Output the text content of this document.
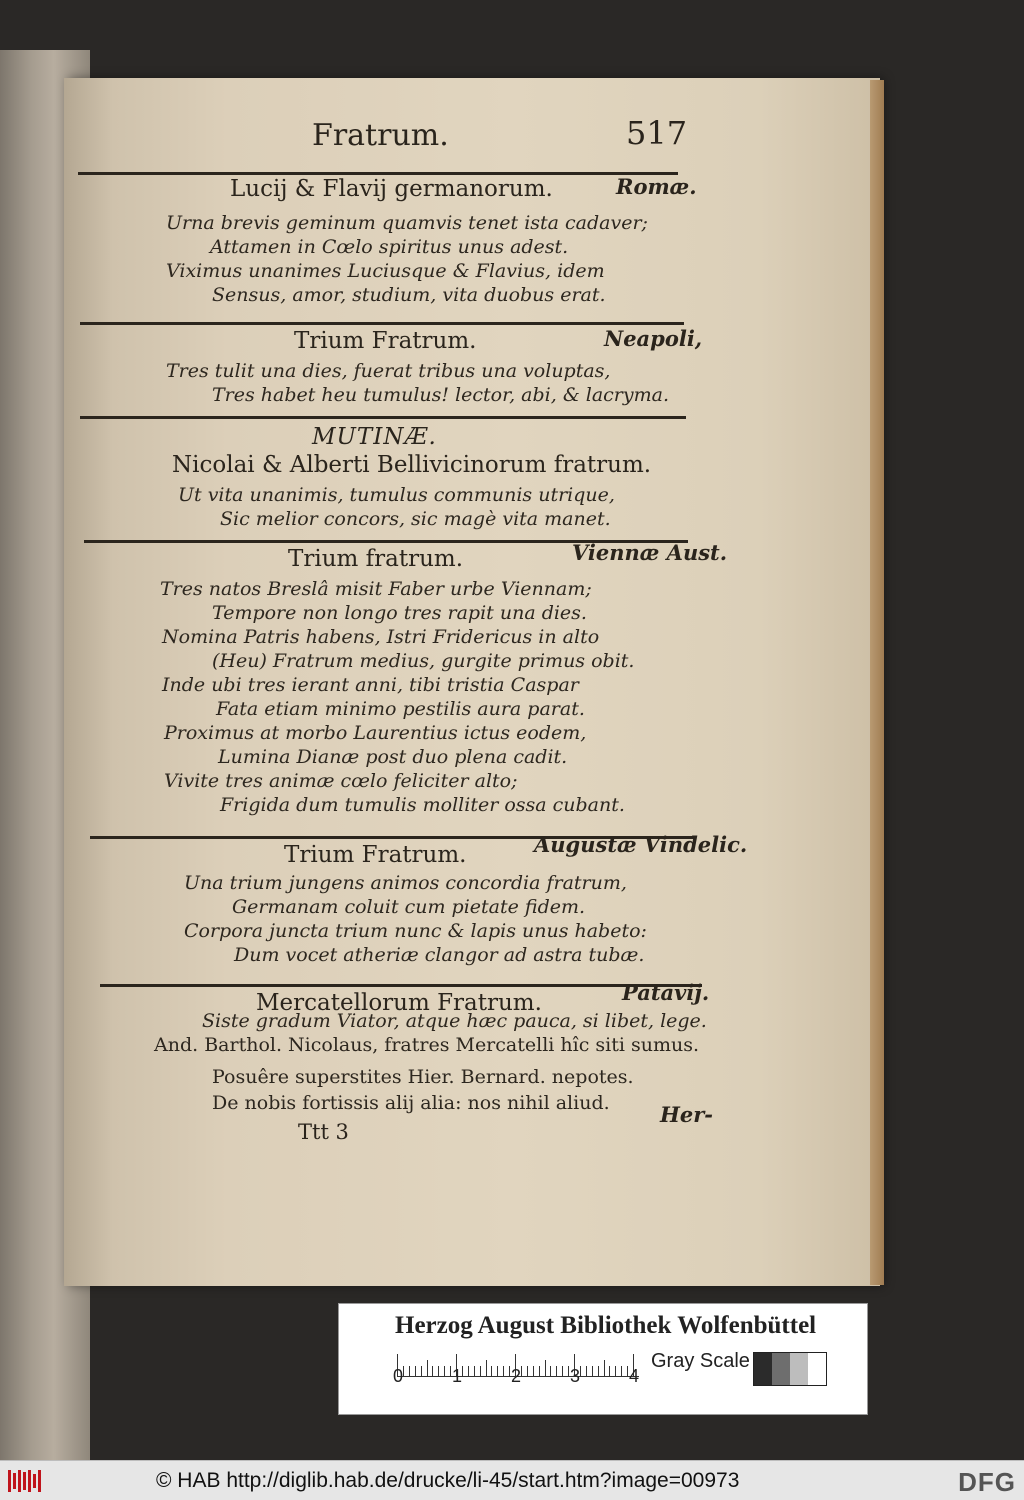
Fratrum.	517
Lucij & Flavij germanorum.	Romæ.
Urna brevis geminum quamvis tenet ista cadaver;
Attamen in Cœlo spiritus unus adest.
Viximus unanimes Luciusque & Flavius, idem
Sensus, amor, studium, vita duobus erat.
Trium Fratrum.	Neapoli,
Tres tulit una dies, fuerat tribus una voluptas,
Tres habet heu tumulus! lector, abi, & lacryma.
MUTINÆ.
Nicolai & Alberti Bellivicinorum fratrum.
Ut vita unanimis, tumulus communis utrique,
Sic melior concors, sic magè vita manet.
Trium fratrum.	Viennæ Aust.
Tres natos Breslâ misit Faber urbe Viennam;
Tempore non longo tres rapit una dies.
Nomina Patris habens, Istri Fridericus in alto
(Heu) Fratrum medius, gurgite primus obit.
Inde ubi tres ierant anni, tibi tristia Caspar
Fata etiam minimo pestilis aura parat.
Proximus at morbo Laurentius ictus eodem,
Lumina Dianæ post duo plena cadit.
Vivite tres animæ cœlo feliciter alto;
Frigida dum tumulis molliter ossa cubant.
Trium Fratrum.	Augustæ Vindelic.
Una trium jungens animos concordia fratrum,
Germanam coluit cum pietate fidem.
Corpora juncta trium nunc & lapis unus habeto:
Dum vocet atheriæ clangor ad astra tubæ.
Mercatellorum Fratrum.	Patavij.
Siste gradum Viator, atque hæc pauca, si libet, lege.
And. Barthol. Nicolaus, fratres Mercatelli hîc siti sumus.
Posuêre superstites Hier. Bernard. nepotes.
De nobis fortissis alij alia: nos nihil aliud.
Ttt 3
Her-
Herzog August Bibliothek Wolfenbüttel
0	1	2	3	4
Gray Scale
© HAB http://diglib.hab.de/drucke/li-45/start.htm?image=00973	DFG
